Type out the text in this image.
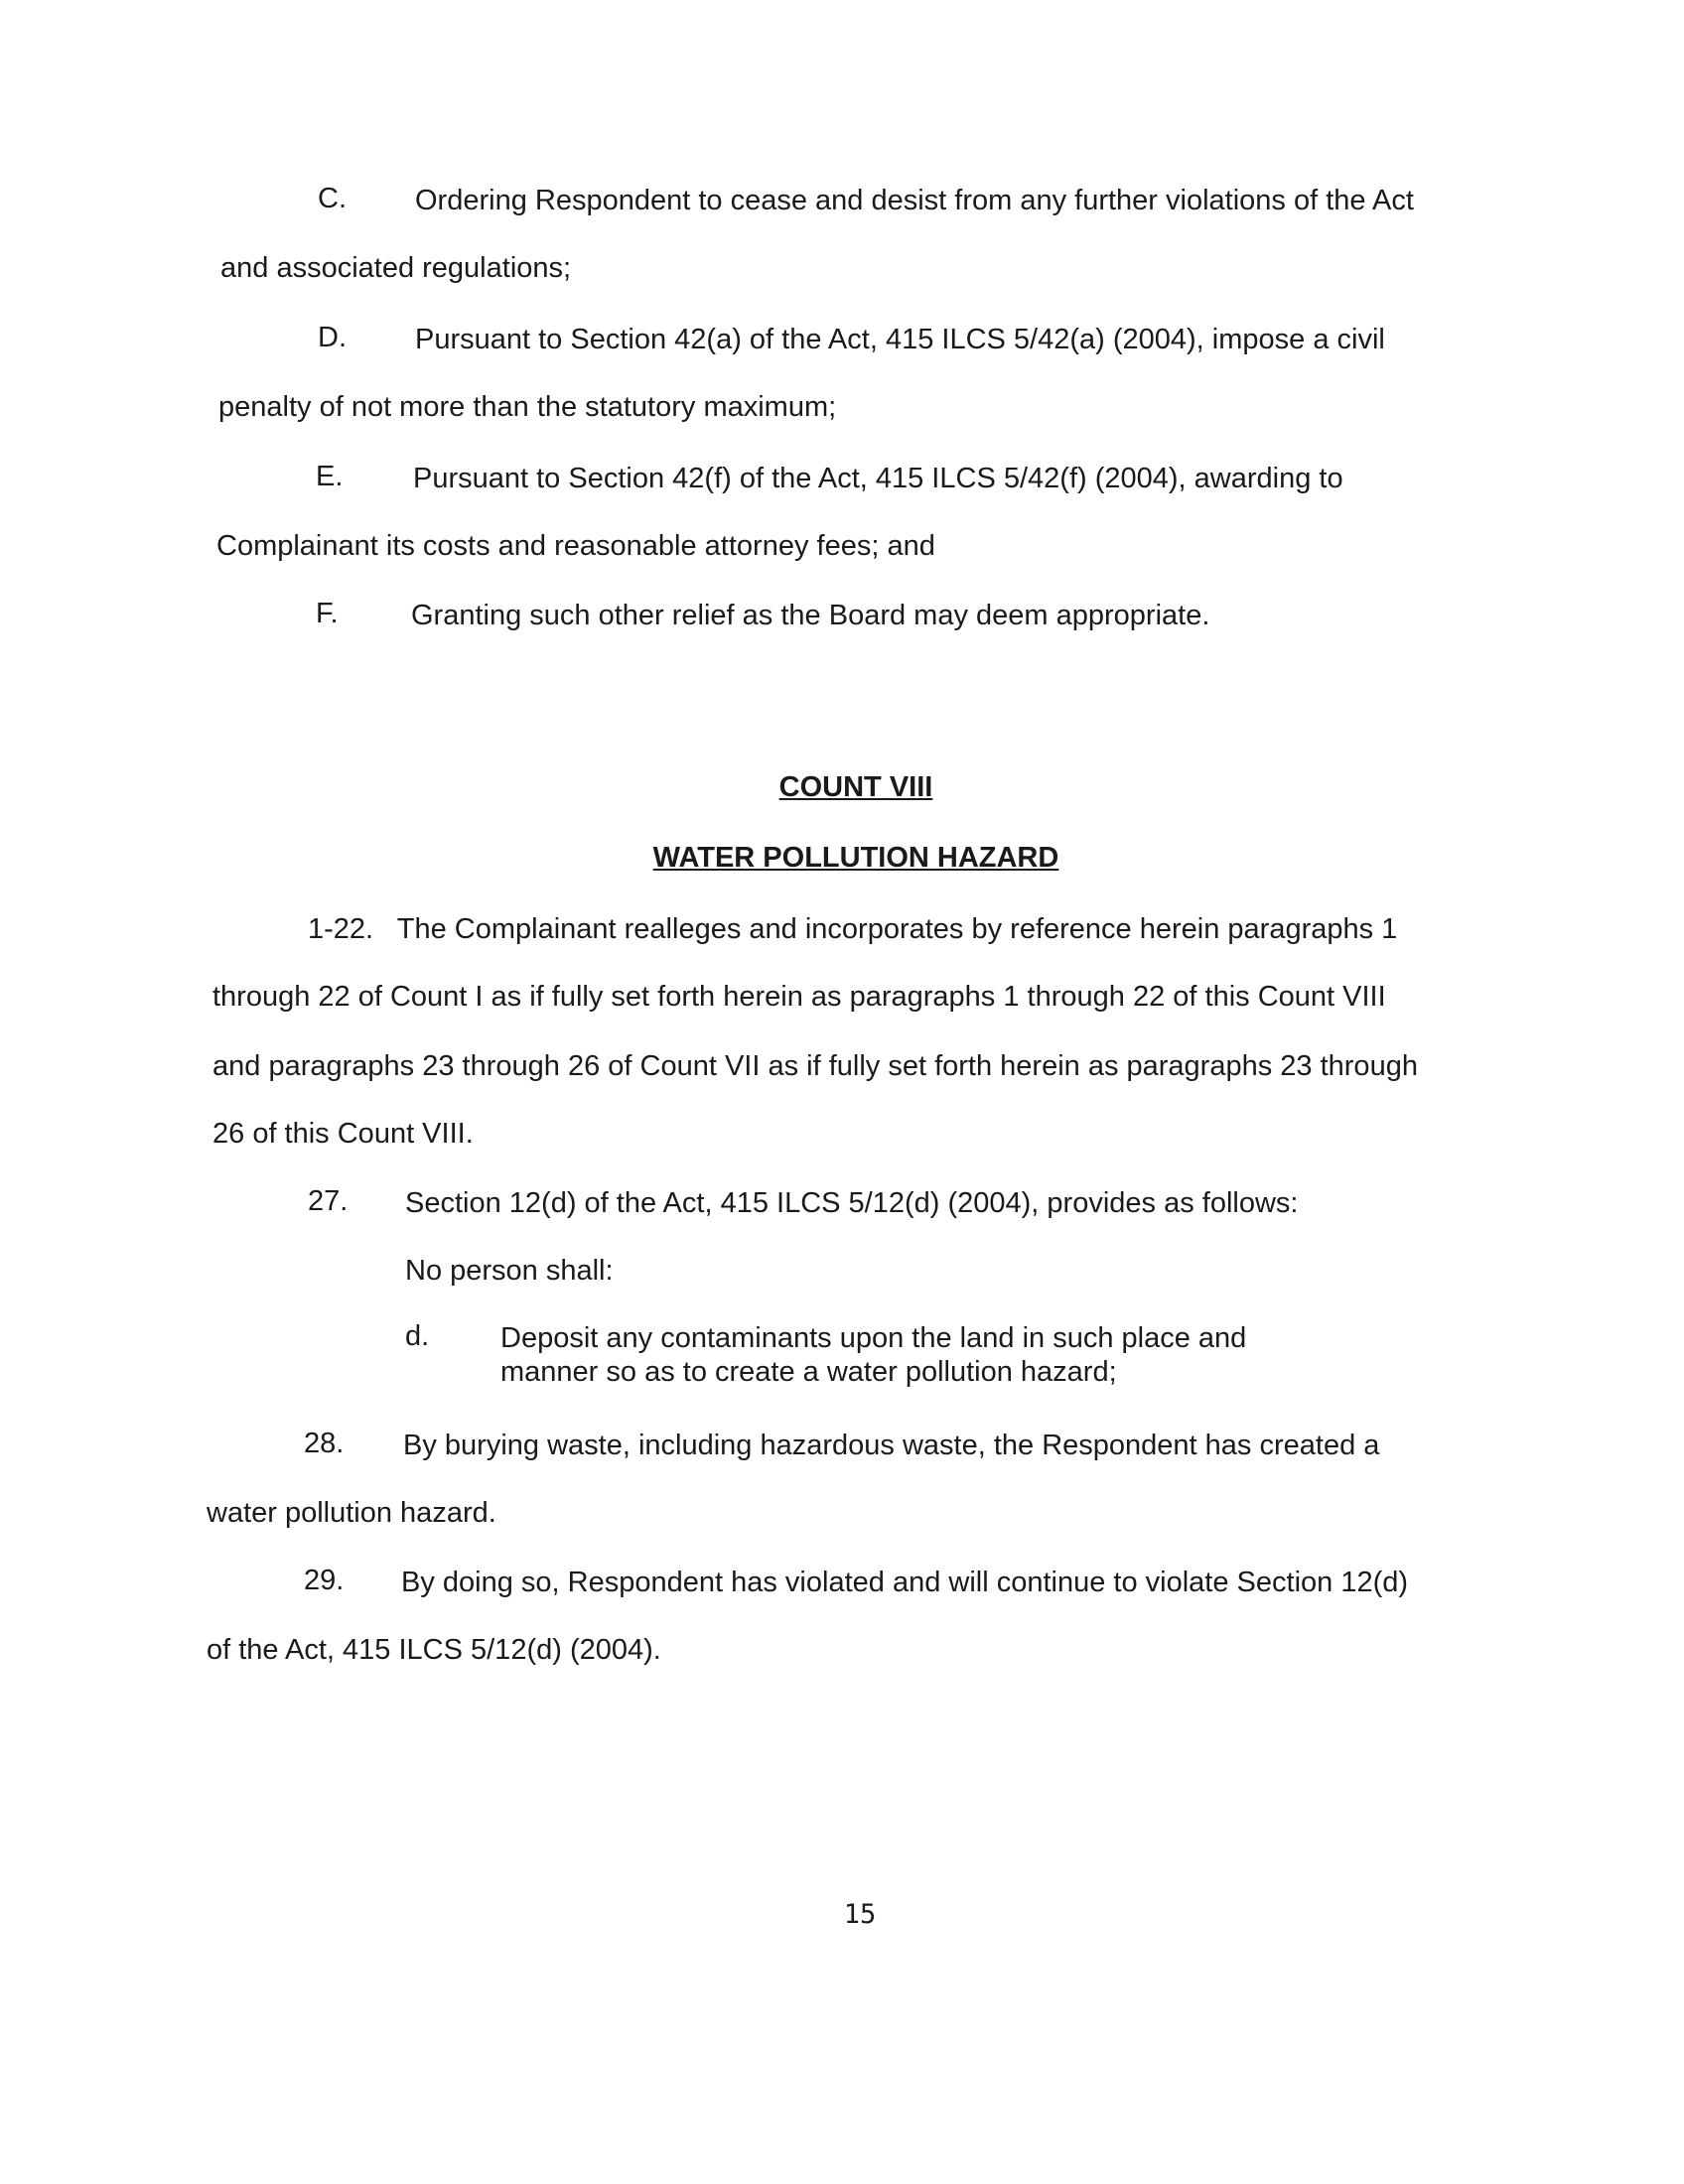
C. Ordering Respondent to cease and desist from any further violations of the Act
and associated regulations;
D. Pursuant to Section 42(a) of the Act, 415 ILCS 5/42(a) (2004), impose a civil
penalty of not more than the statutory maximum;
E. Pursuant to Section 42(f) of the Act, 415 ILCS 5/42(f) (2004), awarding to
Complainant its costs and reasonable attorney fees; and
F.	Granting such other relief as the Board may deem appropriate.
COUNT VIII
WATER POLLUTION HAZARD
1-22.   The Complainant realleges and incorporates by reference herein paragraphs 1
through 22 of Count I as if fully set forth herein as paragraphs 1 through 22 of this Count VIII
and paragraphs 23 through 26 of Count VII as if fully set forth herein as paragraphs 23 through
26 of this Count VIII.
27. Section 12(d) of the Act, 415 ILCS 5/12(d) (2004), provides as follows:
No person shall:
d. Deposit any contaminants upon the land in such place and
manner so as to create a water pollution hazard;
28. By burying waste, including hazardous waste, the Respondent has created a
water pollution hazard.
29. By doing so, Respondent has violated and will continue to violate Section 12(d)
of the Act, 415 ILCS 5/12(d) (2004).
15
